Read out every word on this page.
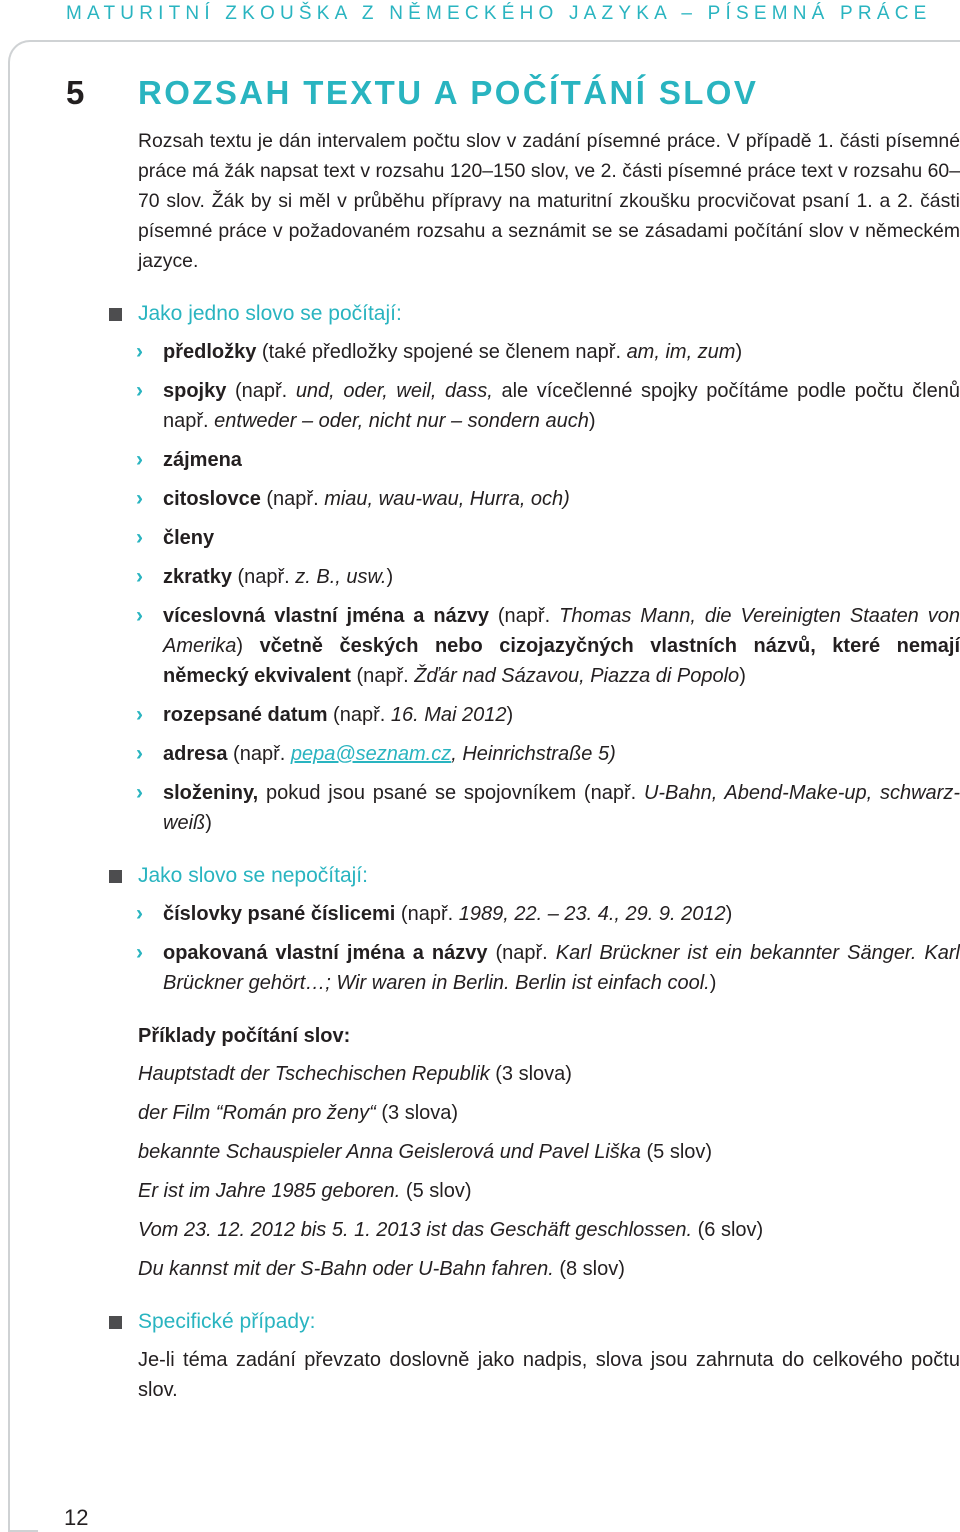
MATURITNÍ ZKOUŠKA Z NĚMECKÉHO JAZYKA – PÍSEMNÁ PRÁCE
5 ROZSAH TEXTU A POČÍTÁNÍ SLOV

Rozsah textu je dán intervalem počtu slov v zadání písemné práce. V případě 1. části písemné práce má žák napsat text v rozsahu 120–150 slov, ve 2. části písemné práce text v rozsahu 60–70 slov. Žák by si měl v průběhu přípravy na maturitní zkoušku procvičovat psaní 1. a 2. části písemné práce v požadovaném rozsahu a seznámit se se zásadami počítání slov v německém jazyce.

Jako jedno slovo se počítají:
› předložky (také předložky spojené se členem např. am, im, zum)
› spojky (např. und, oder, weil, dass, ale vícečlenné spojky počítáme podle počtu členů např. entweder – oder, nicht nur – sondern auch)
› zájmena
› citoslovce (např. miau, wau-wau, Hurra, och)
› členy
› zkratky (např. z. B., usw.)
› víceslovná vlastní jména a názvy (např. Thomas Mann, die Vereinigten Staaten von Amerika) včetně českých nebo cizojazyčných vlastních názvů, které nemají německý ekvivalent (např. Žďár nad Sázavou, Piazza di Popolo)
› rozepsané datum (např. 16. Mai 2012)
› adresa (např. pepa@seznam.cz, Heinrichstraße 5)
› složeniny, pokud jsou psané se spojovníkem (např. U-Bahn, Abend-Make-up, schwarz-weiß)
Jako slovo se nepočítají:
› číslovky psané číslicemi (např. 1989, 22. – 23. 4., 29. 9. 2012)
› opakovaná vlastní jména a názvy (např. Karl Brückner ist ein bekannter Sänger. Karl Brückner gehört…; Wir waren in Berlin. Berlin ist einfach cool.)
Příklady počítání slov:
Hauptstadt der Tschechischen Republik (3 slova)
der Film “Román pro ženy“ (3 slova)
bekannte Schauspieler Anna Geislerová und Pavel Liška (5 slov)
Er ist im Jahre 1985 geboren. (5 slov)
Vom 23. 12. 2012 bis 5. 1. 2013 ist das Geschäft geschlossen. (6 slov)
Du kannst mit der S-Bahn oder U-Bahn fahren. (8 slov)
Specifické případy:

Je-li téma zadání převzato doslovně jako nadpis, slova jsou zahrnuta do celkového počtu slov.

12
